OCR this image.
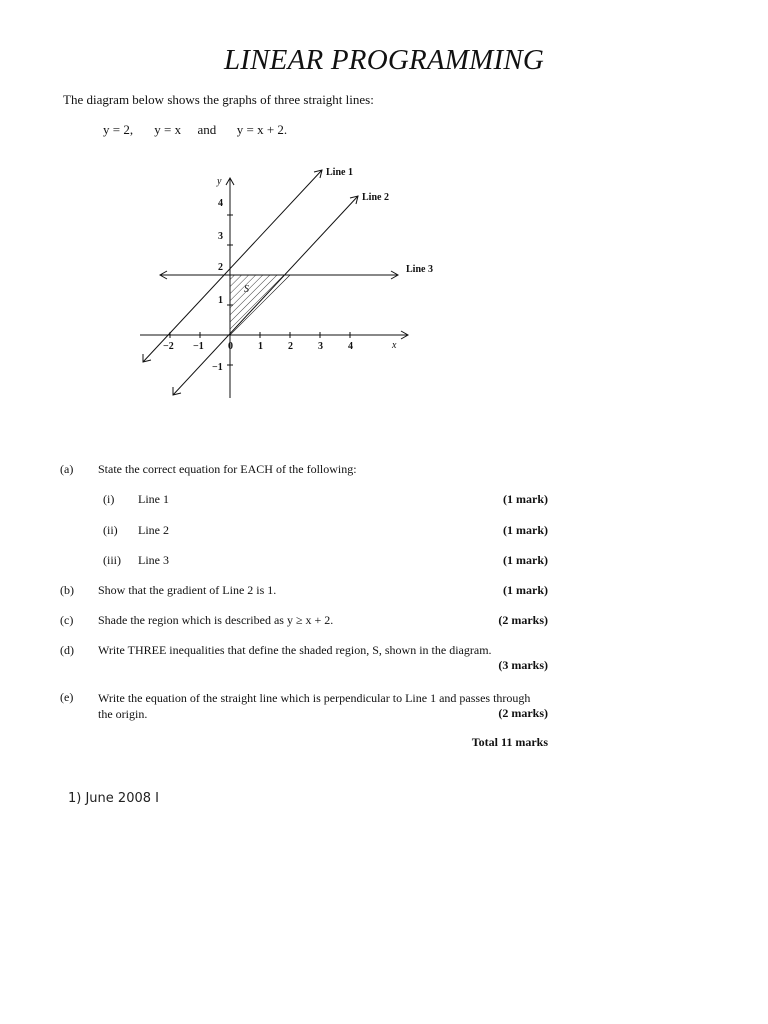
LINEAR PROGRAMMING
The diagram below shows the graphs of three straight lines:
y = 2, y = x and y = x + 2.
y
x
S
Line 1
Line 2
Line 3
−2 −1 0	1	2	3	4
4
3
2
1
−1
(a) State the correct equation for EACH of the following:
(i) Line 1	(1 mark)
(ii) Line 2	(1 mark)
(iii) Line 3	(1 mark)
(b) Show that the gradient of Line 2 is 1.	(1 mark)
(c) Shade the region which is described as y ≥ x + 2.	(2 marks)
(d) Write THREE inequalities that define the shaded region, S, shown in the diagram.
(3 marks)
(e) Write the equation of the straight line which is perpendicular to Line 1 and passes through the origin.	(2 marks)
Total 11 marks
1) June 2008 I
